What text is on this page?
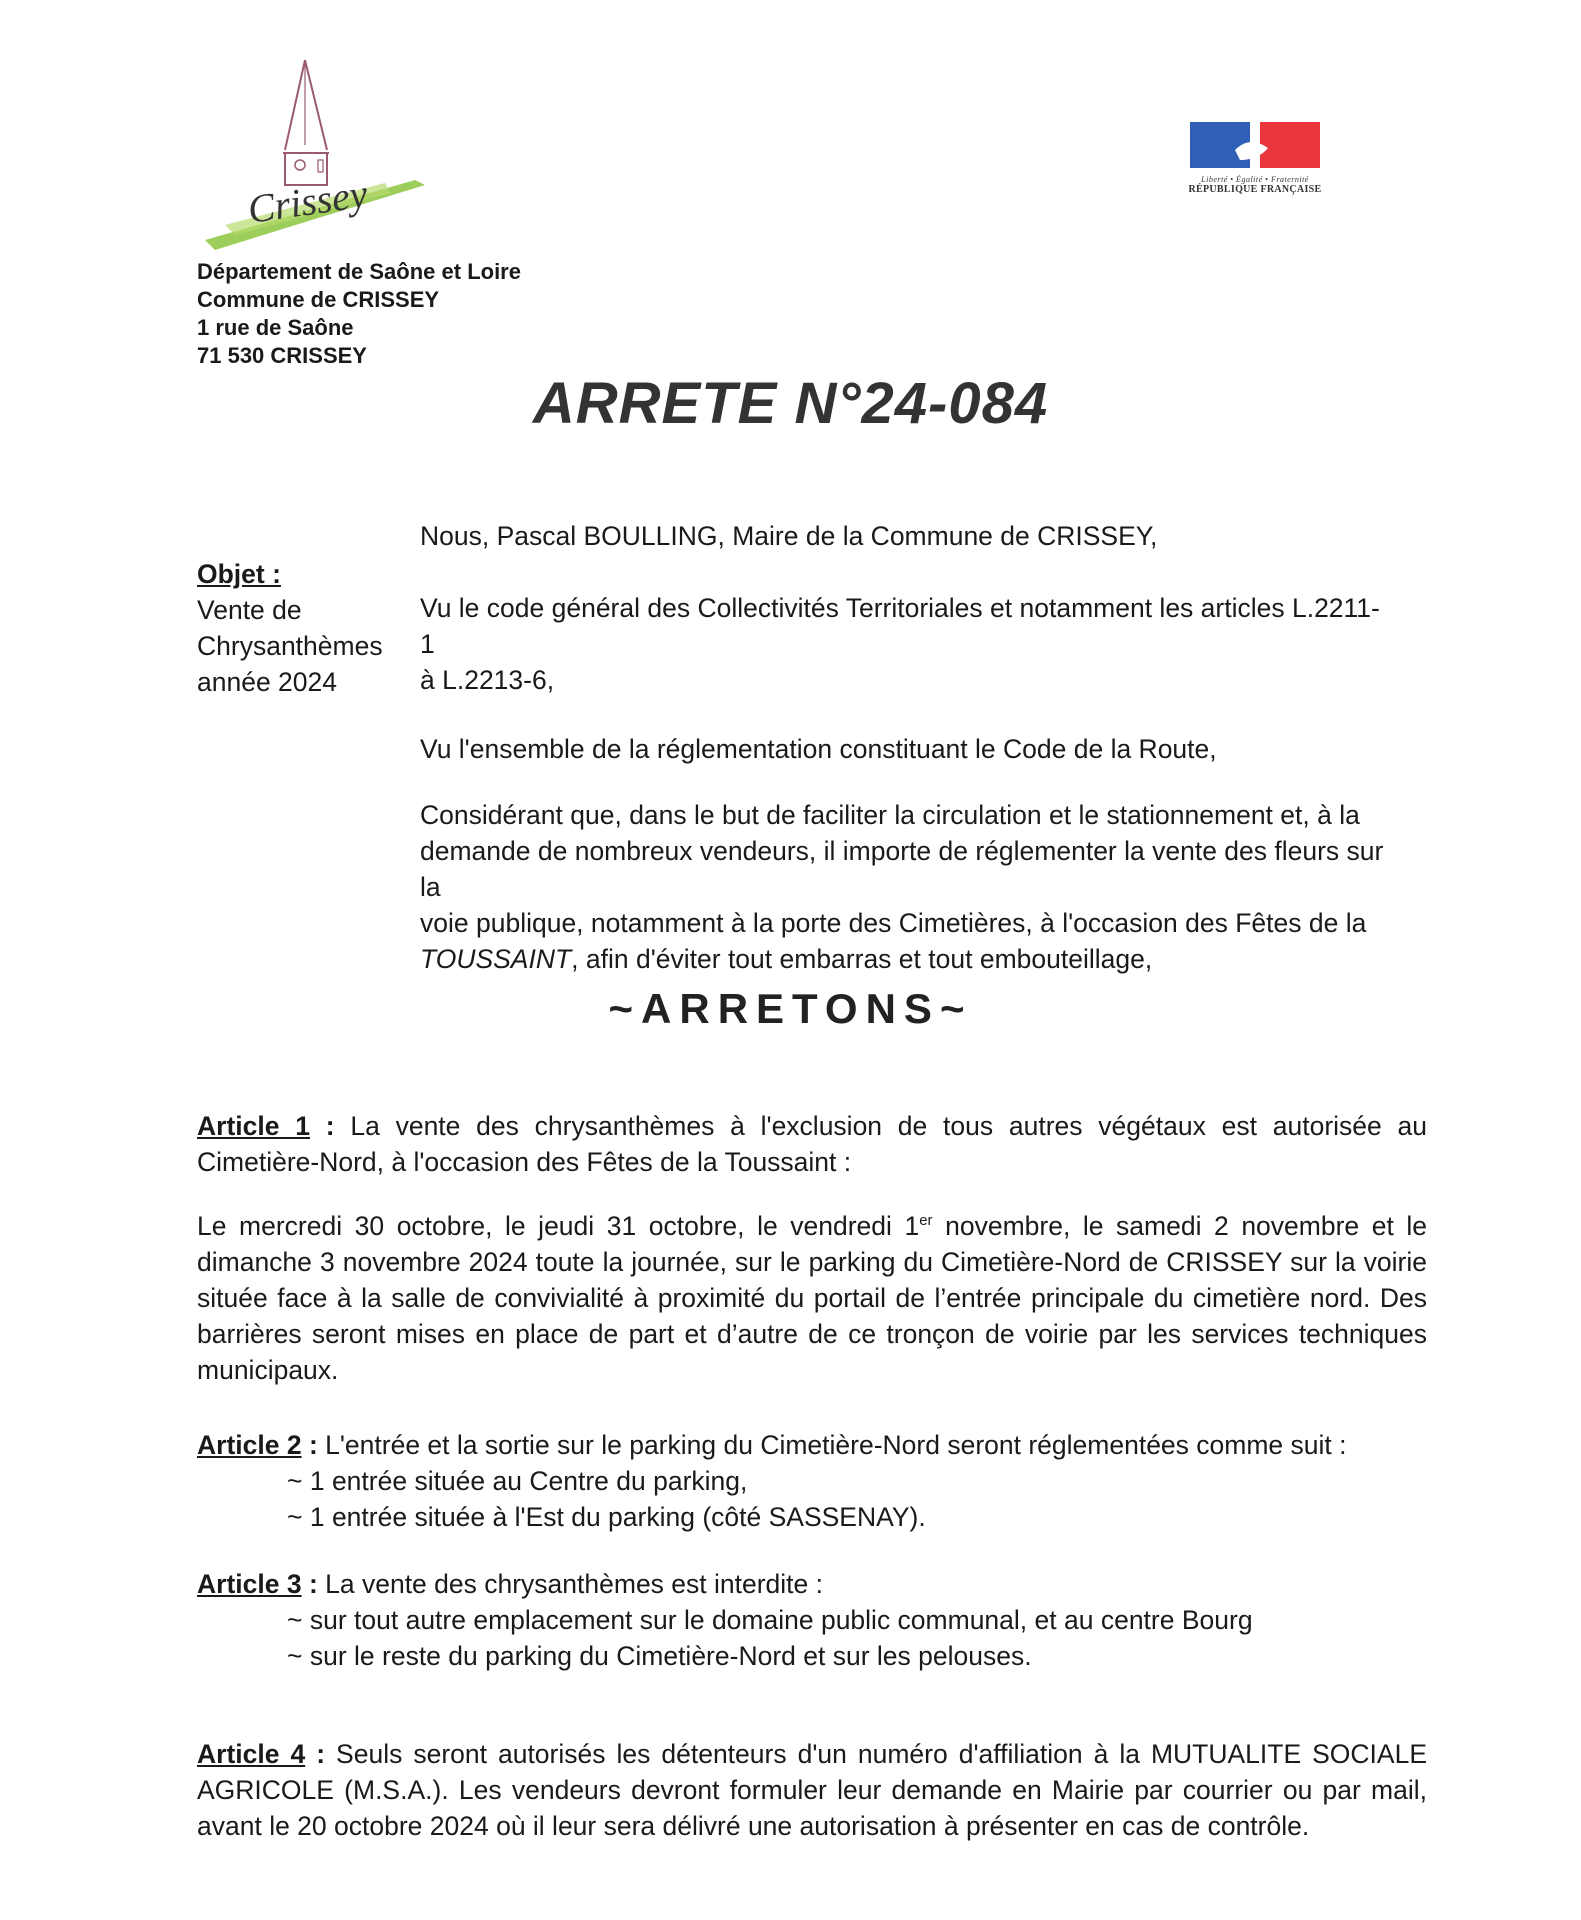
Crissey	Liberté • Égalité • Fraternité
RÉPUBLIQUE FRANÇAISE
Département de Saône et Loire
Commune de CRISSEY
1 rue de Saône
71 530 CRISSEY
ARRETE N°24-084
Objet :
Vente de
Chrysanthèmes
année 2024

Nous, Pascal BOULLING, Maire de la Commune de CRISSEY,

Vu le code général des Collectivités Territoriales et notamment les articles L.2211-1

à L.2213-6,

Vu l'ensemble de la réglementation constituant le Code de la Route,

Considérant que, dans le but de faciliter la circulation et le stationnement et, à la

demande de nombreux vendeurs, il importe de réglementer la vente des fleurs sur la

voie publique, notamment à la porte des Cimetières, à l'occasion des Fêtes de la

TOUSSAINT, afin d'éviter tout embarras et tout embouteillage,

~ARRETONS~
Article 1 : La vente des chrysanthèmes à l'exclusion de tous autres végétaux est autorisée au Cimetière-Nord, à l'occasion des Fêtes de la Toussaint :
Le mercredi 30 octobre, le jeudi 31 octobre, le vendredi 1er novembre, le samedi 2 novembre et le dimanche 3 novembre 2024 toute la journée, sur le parking du Cimetière-Nord de CRISSEY sur la voirie située face à la salle de convivialité à proximité du portail de l’entrée principale du cimetière nord. Des barrières seront mises en place de part et d’autre de ce tronçon de voirie par les services techniques municipaux.
Article 2 : L'entrée et la sortie sur le parking du Cimetière-Nord seront réglementées comme suit :
~ 1 entrée située au Centre du parking,
~ 1 entrée située à l'Est du parking (côté SASSENAY).
Article 3 : La vente des chrysanthèmes est interdite :
~ sur tout autre emplacement sur le domaine public communal, et au centre Bourg
~ sur le reste du parking du Cimetière-Nord et sur les pelouses.
Article 4 : Seuls seront autorisés les détenteurs d'un numéro d'affiliation à la MUTUALITE SOCIALE AGRICOLE (M.S.A.). Les vendeurs devront formuler leur demande en Mairie par courrier ou par mail, avant le 20 octobre 2024 où il leur sera délivré une autorisation à présenter en cas de contrôle.
